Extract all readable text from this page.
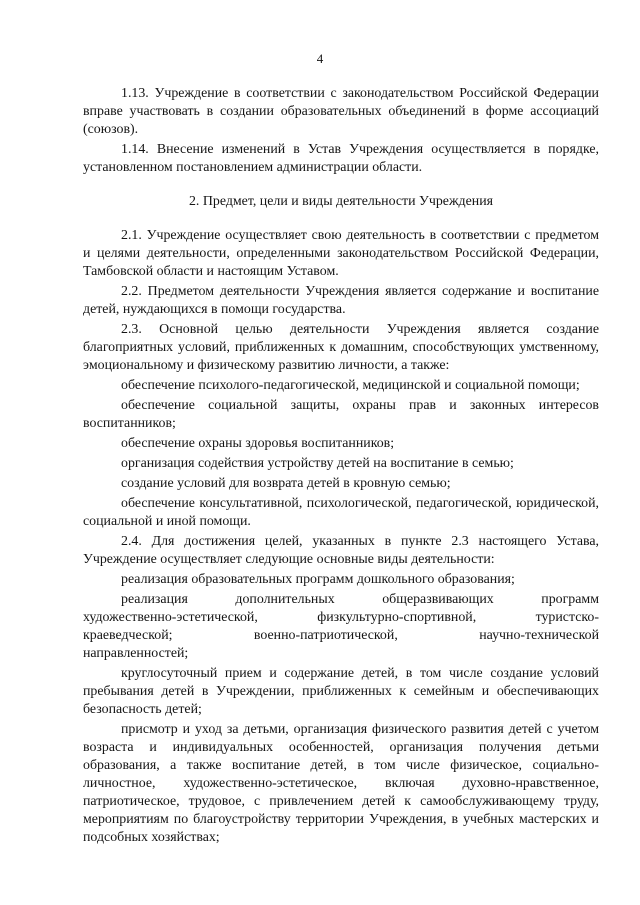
4

1.13. Учреждение в соответствии с законодательством Российской Федерации вправе участвовать в создании образовательных объединений в форме ассоциаций (союзов).

1.14. Внесение изменений в Устав Учреждения осуществляется в порядке, установленном постановлением администрации области.

2. Предмет, цели и виды деятельности Учреждения

2.1. Учреждение осуществляет свою деятельность в соответствии с предметом и целями деятельности, определенными законодательством Российской Федерации, Тамбовской области и настоящим Уставом.

2.2. Предметом деятельности Учреждения является содержание и воспитание детей, нуждающихся в помощи государства.

2.3. Основной целью деятельности Учреждения является создание благоприятных условий, приближенных к домашним, способствующих умственному, эмоциональному и физическому развитию личности, а также:

обеспечение психолого-педагогической, медицинской и социальной помощи;

обеспечение социальной защиты, охраны прав и законных интересов воспитанников;

обеспечение охраны здоровья воспитанников;

организация содействия устройству детей на воспитание в семью;

создание условий для возврата детей в кровную семью;

обеспечение консультативной, психологической, педагогической, юридической, социальной и иной помощи.

2.4. Для достижения целей, указанных в пункте 2.3 настоящего Устава, Учреждение осуществляет следующие основные виды деятельности:

реализация образовательных программ дошкольного образования;

реализация	дополнительных	общеразвивающих	программ
художественно-эстетической,	физкультурно-спортивной,	туристско-
краеведческой;	военно-патриотической,	научно-технической
направленностей;

круглосуточный прием и содержание детей, в том числе создание условий пребывания детей в Учреждении, приближенных к семейным и обеспечивающих безопасность детей;

присмотр и уход за детьми, организация физического развития детей с учетом возраста и индивидуальных особенностей, организация получения детьми образования, а также воспитание детей, в том числе физическое, социально-личностное, художественно-эстетическое, включая духовно-нравственное, патриотическое, трудовое, с привлечением детей к самообслуживающему труду, мероприятиям по благоустройству территории Учреждения, в учебных мастерских и подсобных хозяйствах;
